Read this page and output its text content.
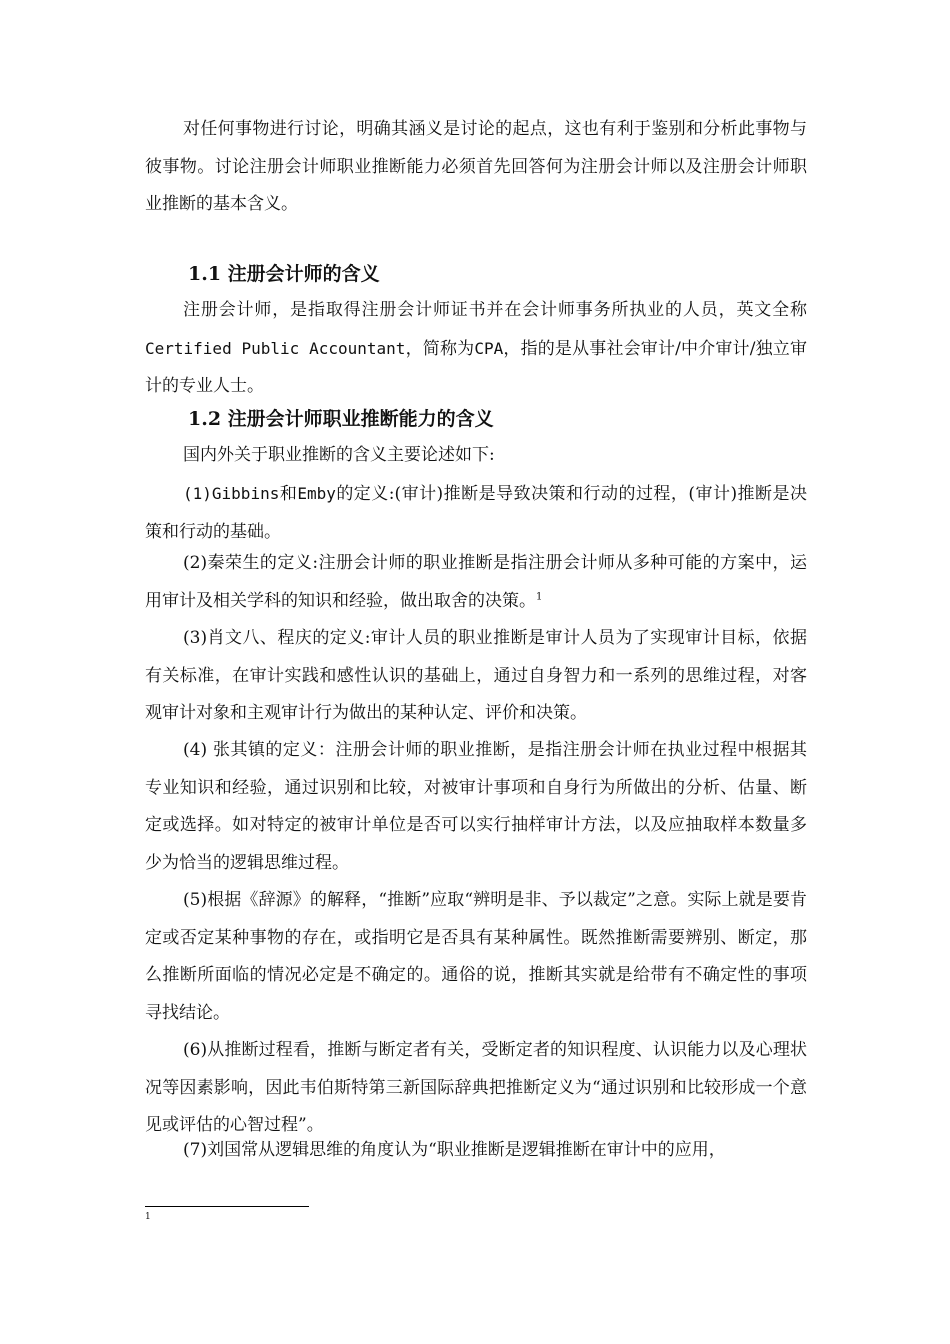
对任何事物进行讨论，明确其涵义是讨论的起点，这也有利于鉴别和分析此事物与彼事物。讨论注册会计师职业推断能力必须首先回答何为注册会计师以及注册会计师职业推断的基本含义。

1.1 注册会计师的含义

注册会计师，是指取得注册会计师证书并在会计师事务所执业的人员，英文全称Certified Public Accountant，简称为CPA，指的是从事社会审计/中介审计/独立审计的专业人士。

1.2 注册会计师职业推断能力的含义

国内外关于职业推断的含义主要论述如下:

(1)Gibbins和Emby的定义:(审计)推断是导致决策和行动的过程，(审计)推断是决策和行动的基础。

(2)秦荣生的定义:注册会计师的职业推断是指注册会计师从多种可能的方案中，运用审计及相关学科的知识和经验，做出取舍的决策。$^1$

(3)肖文八、程庆的定义:审计人员的职业推断是审计人员为了实现审计目标，依据有关标准，在审计实践和感性认识的基础上，通过自身智力和一系列的思维过程，对客观审计对象和主观审计行为做出的某种认定、评价和决策。

(4) 张其镇的定义：注册会计师的职业推断，是指注册会计师在执业过程中根据其专业知识和经验，通过识别和比较，对被审计事项和自身行为所做出的分析、估量、断定或选择。如对特定的被审计单位是否可以实行抽样审计方法，以及应抽取样本数量多少为恰当的逻辑思维过程。

(5)根据《辞源》的解释，“推断”应取“辨明是非、予以裁定”之意。实际上就是要肯定或否定某种事物的存在，或指明它是否具有某种属性。既然推断需要辨别、断定，那么推断所面临的情况必定是不确定的。通俗的说，推断其实就是给带有不确定性的事项寻找结论。

(6)从推断过程看，推断与断定者有关，受断定者的知识程度、认识能力以及心理状况等因素影响，因此韦伯斯特第三新国际辞典把推断定义为“通过识别和比较形成一个意见或评估的心智过程”。

(7)刘国常从逻辑思维的角度认为“职业推断是逻辑推断在审计中的应用，

1
